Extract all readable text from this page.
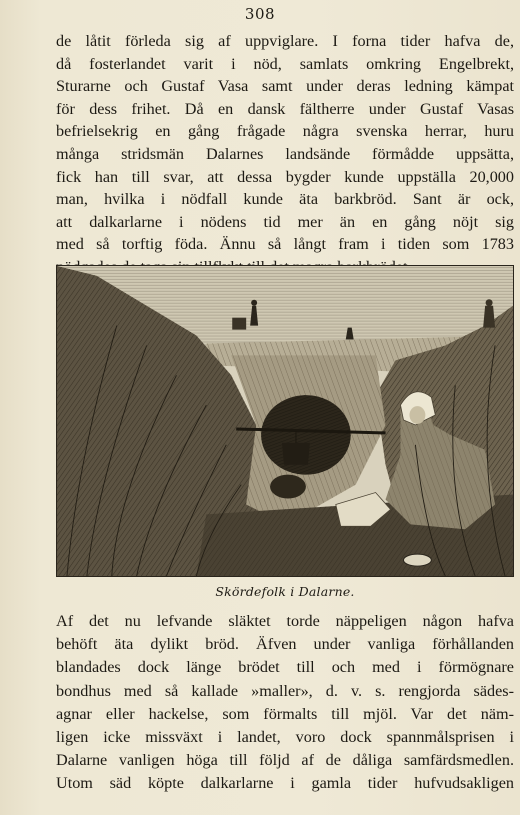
308
de låtit förleda sig af uppviglare. I forna tider hafva de,
då fosterlandet varit i nöd, samlats omkring Engelbrekt,
Sturarne och Gustaf Vasa samt under deras ledning kämpat
för dess frihet. Då en dansk fältherre under Gustaf Vasas
befrielsekrig en gång frågade några svenska herrar, huru
många stridsmän Dalarnes landsände förmådde uppsätta,
fick han till svar, att dessa bygder kunde uppställa 20,000
man, hvilka i nödfall kunde äta barkbröd. Sant är ock,
att dalkarlarne i nödens tid mer än en gång nöjt sig
med så torftig föda. Ännu så långt fram i tiden som 1783
Skördefolk i Dalarne.
Af det nu lefvande släktet torde näppeligen någon hafva
behöft äta dylikt bröd. Äfven under vanliga förhållanden
blandades dock länge brödet till och med i förmögnare
bondhus med så kallade »maller», d. v. s. rengjorda sädes-
agnar eller hackelse, som förmalts till mjöl. Var det näm-
ligen icke missväxt i landet, voro dock spannmålsprisen i
Dalarne vanligen höga till följd af de dåliga samfärdsmedlen.
Utom säd köpte dalkarlarne i gamla tider hufvudsakligen
